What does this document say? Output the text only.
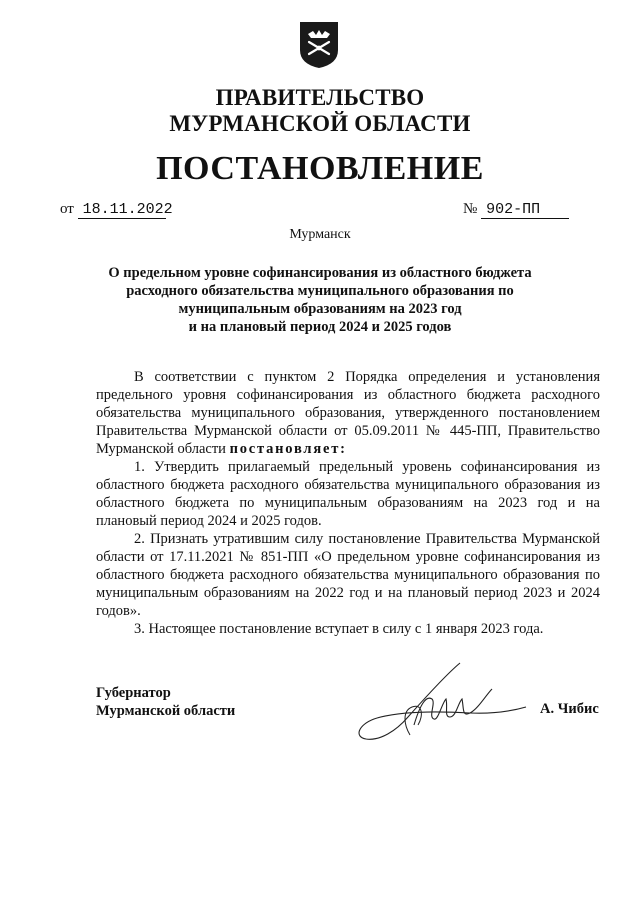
ПРАВИТЕЛЬСТВО
МУРМАНСКОЙ ОБЛАСТИ
ПОСТАНОВЛЕНИЕ
от 18.11.2022	№ 902-ПП
Мурманск
О предельном уровне софинансирования из областного бюджета
расходного обязательства муниципального образования по
муниципальным образованиям на 2023 год
и на плановый период 2024 и 2025 годов

В соответствии с пунктом 2 Порядка определения и установления предельного уровня софинансирования из областного бюджета расходного обязательства муниципального образования, утвержденного постановлением Правительства Мурманской области от 05.09.2011 № 445-ПП, Правительство Мурманской области постановляет:

1. Утвердить прилагаемый предельный уровень софинансирования из областного бюджета расходного обязательства муниципального образования из областного бюджета по муниципальным образованиям на 2023 год и на плановый период 2024 и 2025 годов.

2. Признать утратившим силу постановление Правительства Мурманской области от 17.11.2021 № 851-ПП «О предельном уровне софинансирования из областного бюджета расходного обязательства муниципального образования по муниципальным образованиям на 2022 год и на плановый период 2023 и 2024 годов».

3. Настоящее постановление вступает в силу с 1 января 2023 года.

Губернатор
Мурманской области	А. Чибис
